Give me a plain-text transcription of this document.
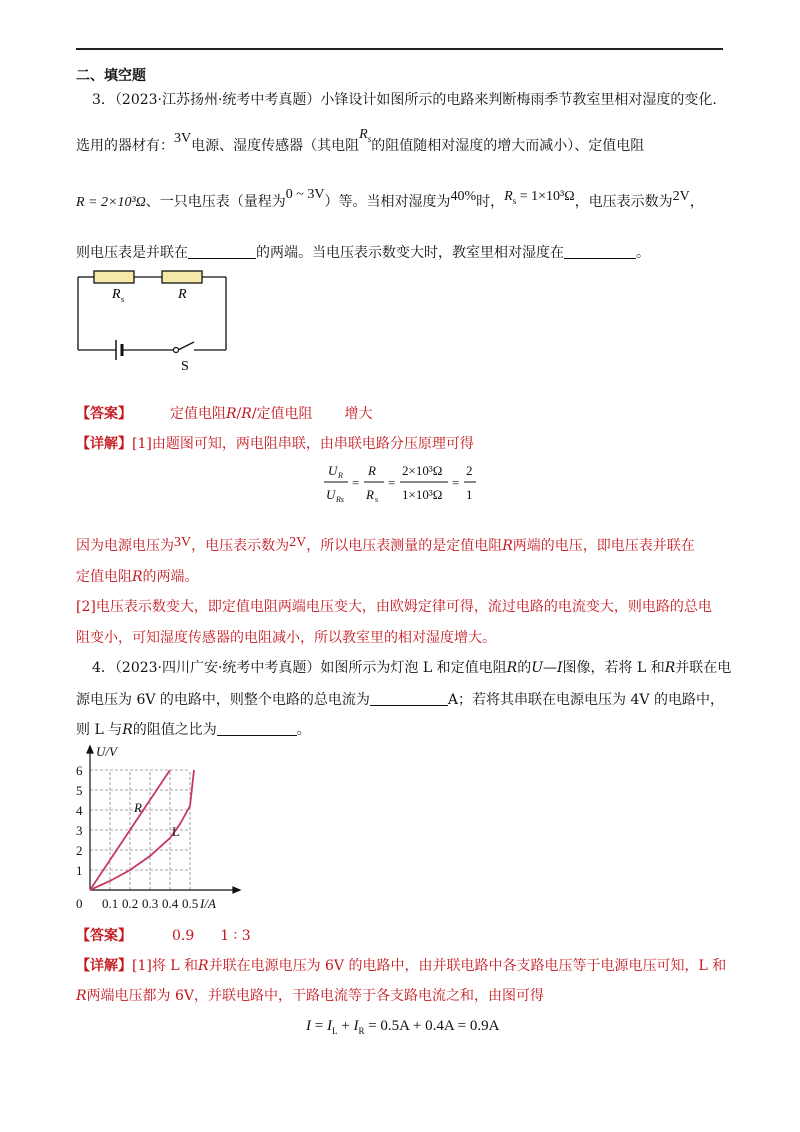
二、填空题
3．（2023·江苏扬州·统考中考真题）小锋设计如图所示的电路来判断梅雨季节教室里相对湿度的变化.
选用的器材有：3V电源、湿度传感器（其电阻$R_s$的阻值随相对湿度的增大而减小）、定值电阻
R = 2×10³Ω、一只电压表（量程为0 ~ 3V）等。当相对湿度为40%时，$R_s = 1\times 10^3\Omega$，电压表示数为2V，
则电压表是并联在	的两端。当电压表示数变大时，教室里相对湿度在	。
R s	R
S
【答案】	定值电阻R/R/定值电阻 增大
【详解】[1]由题图可知，两电阻串联，由串联电路分压原理可得
U R
U Rs
=
R
R s
=
2×10³Ω
1×10³Ω
=
2
1
因为电源电压为3V，电压表示数为2V，所以电压表测量的是定值电阻R两端的电压，即电压表并联在
定值电阻R的两端。
[2]电压表示数变大，即定值电阻两端电压变大，由欧姆定律可得，流过电路的电流变大，则电路的总电
阻变小，可知湿度传感器的电阻减小，所以教室里的相对湿度增大。
4．（2023·四川广安·统考中考真题）如图所示为灯泡 L 和定值电阻R的U—I图像，若将 L 和R并联在电
源电压为 6V 的电路中，则整个电路的总电流为	A；若将其串联在电源电压为 4V 的电路中，
则 L 与R的阻值之比为	。
0 0.1 0.2 0.3 0.4 0.5
1
2
3
4
5
6
I/A
U/V
R
L
【答案】	0.9 1 ∶ 3
【详解】[1]将 L 和R并联在电源电压为 6V 的电路中，由并联电路中各支路电压等于电源电压可知，L 和
R两端电压都为 6V，并联电路中，干路电流等于各支路电流之和，由图可得
$I = I_L + I_R = 0.5A + 0.4A = 0.9A$
